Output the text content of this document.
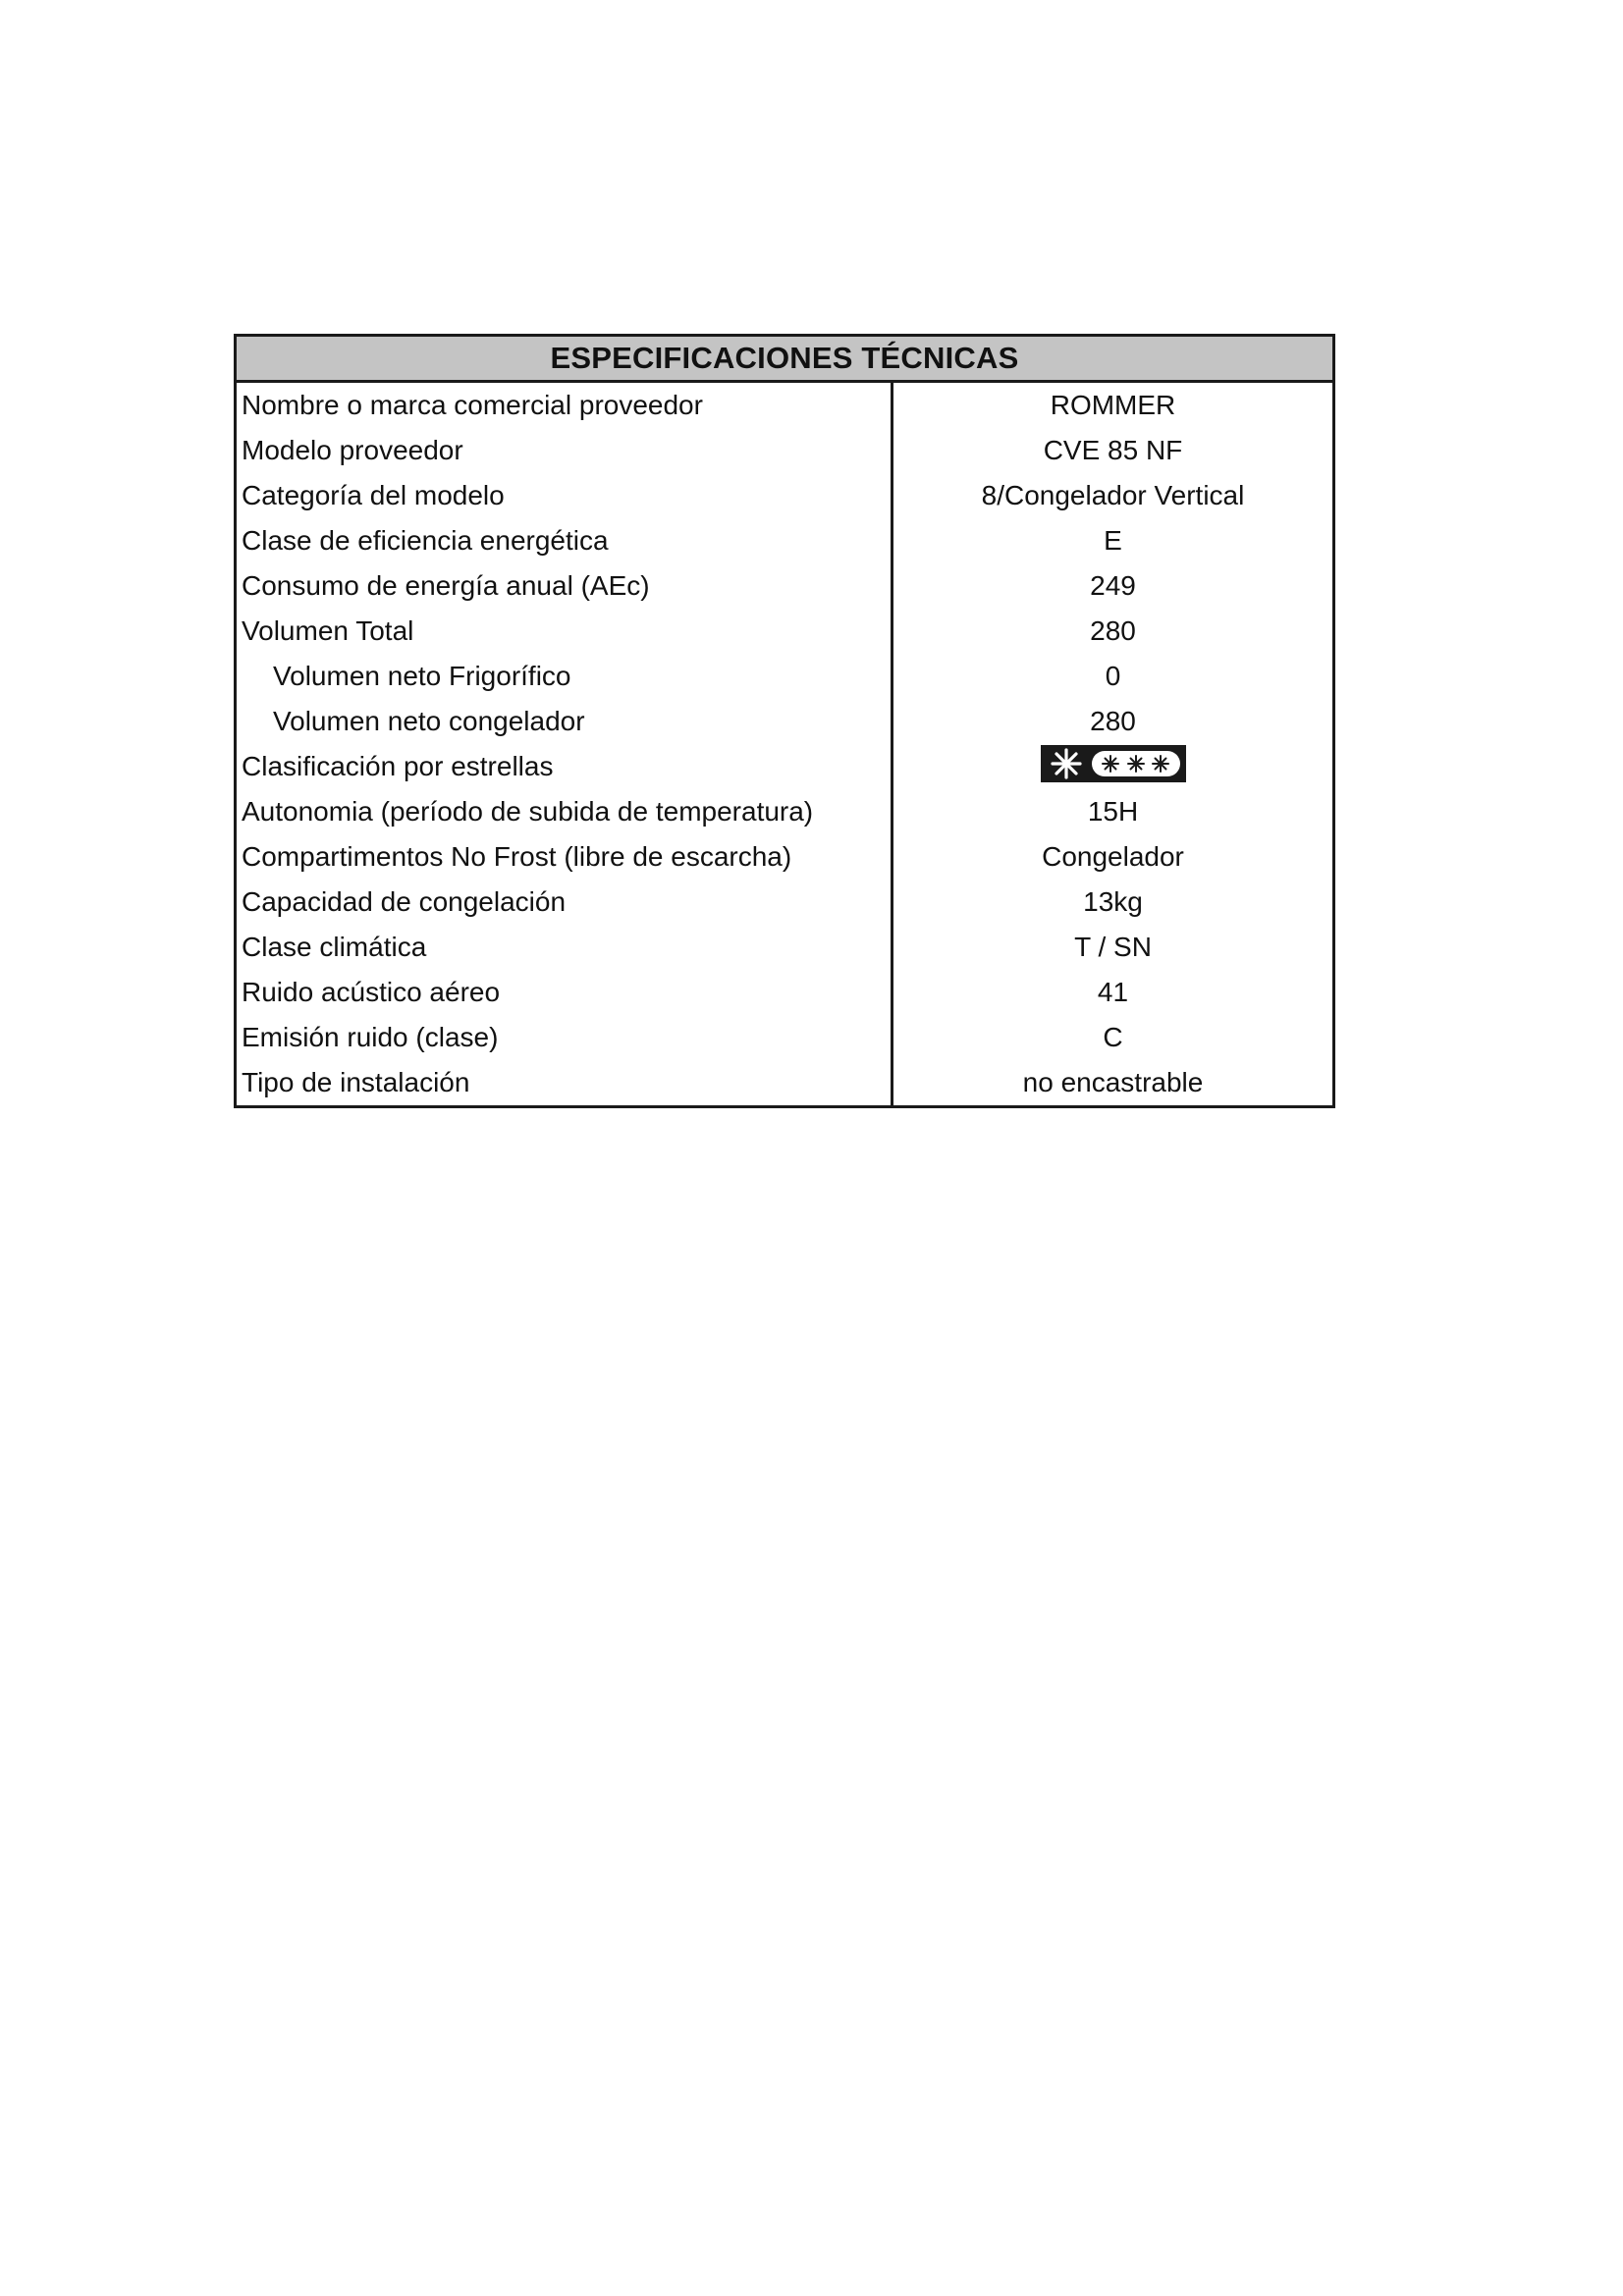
ESPECIFICACIONES TÉCNICAS
Nombre o marca comercial proveedor
Modelo proveedor
Categoría del modelo
Clase de eficiencia energética
Consumo de energía anual (AEc)
Volumen Total
Volumen neto Frigorífico
Volumen neto congelador
Clasificación por estrellas
Autonomia (período de subida de temperatura)
Compartimentos No Frost (libre de escarcha)
Capacidad de congelación
Clase climática
Ruido acústico aéreo
Emisión ruido (clase)
Tipo de instalación
ROMMER
CVE 85 NF
8/Congelador Vertical
E
249
280
0
280
15H
Congelador
13kg
T / SN
41
C
no encastrable
